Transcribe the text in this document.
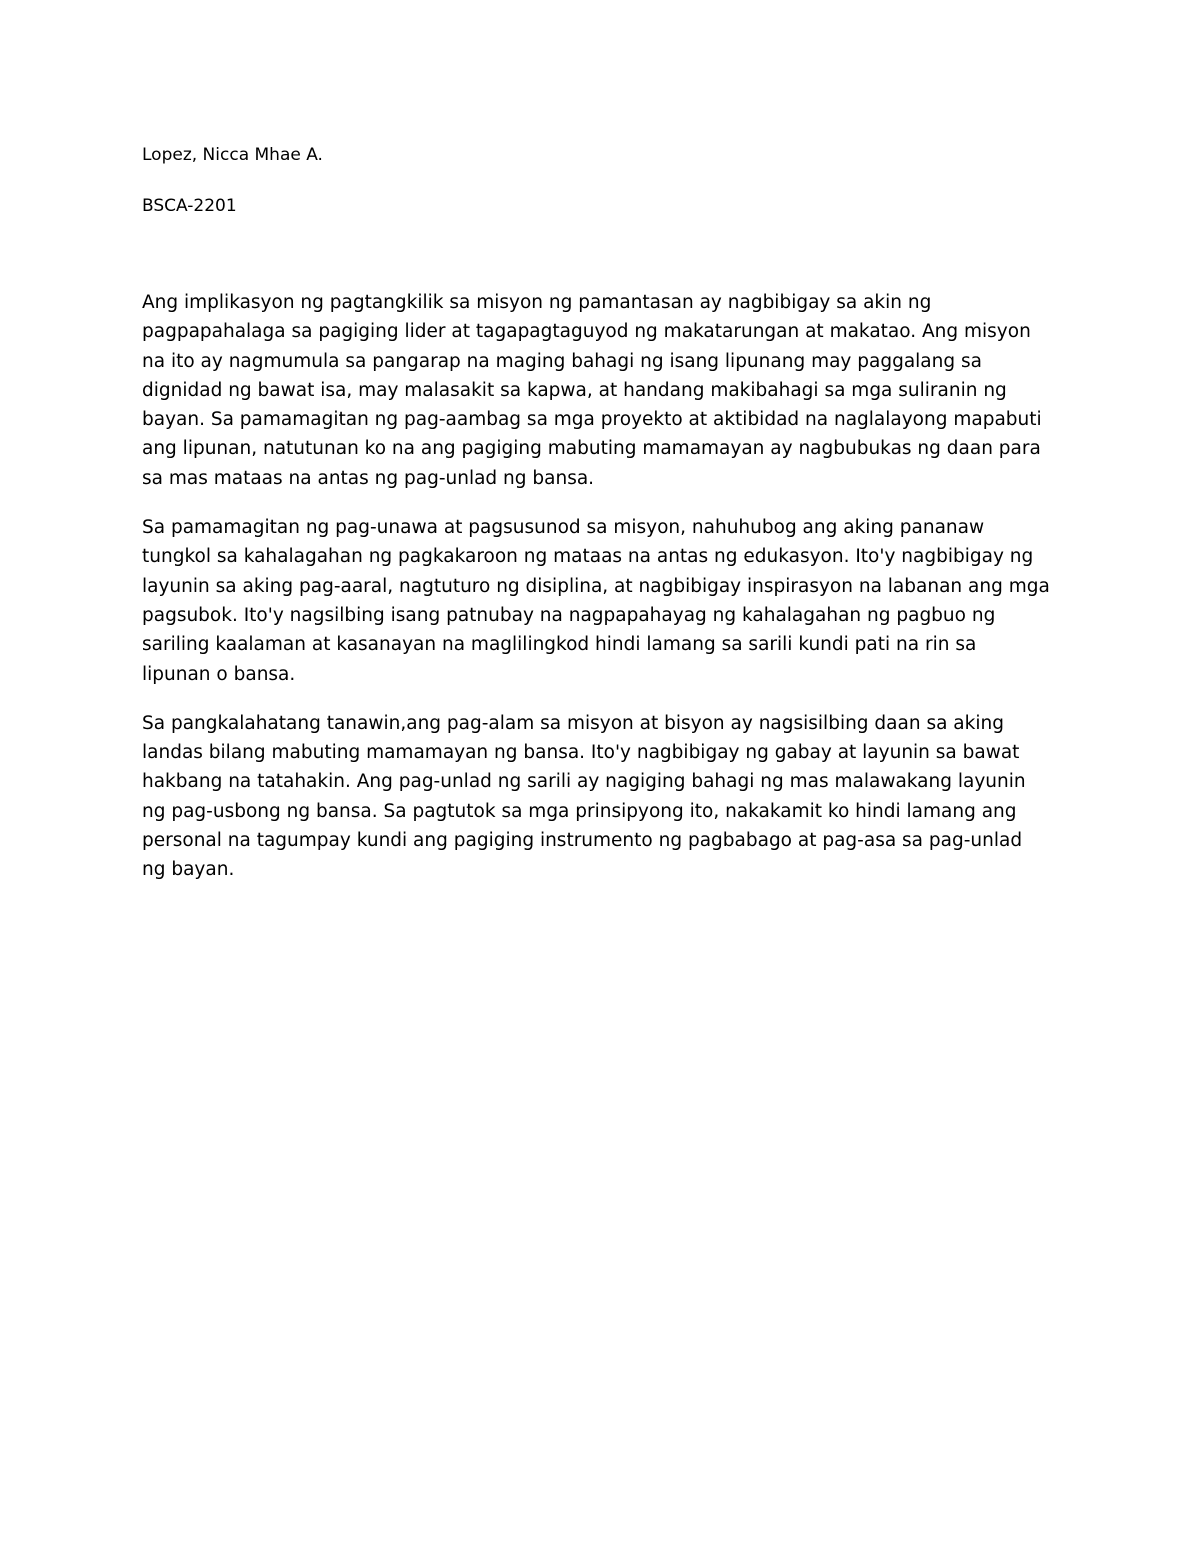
Lopez, Nicca Mhae A.

BSCA-2201

Ang implikasyon ng pagtangkilik sa misyon ng pamantasan ay nagbibigay sa akin ng
pagpapahalaga sa pagiging lider at tagapagtaguyod ng makatarungan at makatao. Ang misyon
na ito ay nagmumula sa pangarap na maging bahagi ng isang lipunang may paggalang sa
dignidad ng bawat isa, may malasakit sa kapwa, at handang makibahagi sa mga suliranin ng
bayan. Sa pamamagitan ng pag-aambag sa mga proyekto at aktibidad na naglalayong mapabuti
ang lipunan, natutunan ko na ang pagiging mabuting mamamayan ay nagbubukas ng daan para
sa mas mataas na antas ng pag-unlad ng bansa.

Sa pamamagitan ng pag-unawa at pagsusunod sa misyon, nahuhubog ang aking pananaw
tungkol sa kahalagahan ng pagkakaroon ng mataas na antas ng edukasyon. Ito'y nagbibigay ng
layunin sa aking pag-aaral, nagtuturo ng disiplina, at nagbibigay inspirasyon na labanan ang mga
pagsubok. Ito'y nagsilbing isang patnubay na nagpapahayag ng kahalagahan ng pagbuo ng
sariling kaalaman at kasanayan na maglilingkod hindi lamang sa sarili kundi pati na rin sa
lipunan o bansa.

Sa pangkalahatang tanawin,ang pag-alam sa misyon at bisyon ay nagsisilbing daan sa aking
landas bilang mabuting mamamayan ng bansa. Ito'y nagbibigay ng gabay at layunin sa bawat
hakbang na tatahakin. Ang pag-unlad ng sarili ay nagiging bahagi ng mas malawakang layunin
ng pag-usbong ng bansa. Sa pagtutok sa mga prinsipyong ito, nakakamit ko hindi lamang ang
personal na tagumpay kundi ang pagiging instrumento ng pagbabago at pag-asa sa pag-unlad
ng bayan.
